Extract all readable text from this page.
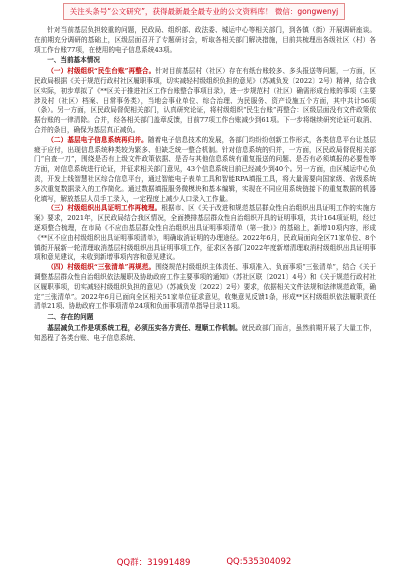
关注头条号“公文研究”，获得最新最全最专业的公文资料库！ 微信：gongwenyj

针对当前基层负担较重的问题，民政局、组织部、政法委、城运中心等相关部门，到各镇（街）开展调研座谈。在前期充分调研的基础上，区级层面召开了专题研讨会，听取各相关部门解决措施，目前共梳理出各级社区（村）各项工作台账77项，在使用的电子信息系统43项。

一、当前基本情况

（一）村级组织“民生台账”再整合。针对目前基层村（社区）存在有纸台账较多、多头报送等问题，一方面，区民政局根据《关于规范行政村社区履职事项，切实减轻村级组织负担的意见》（苏减负发〔2022〕2号）精神，结合我区实际，初步草拟了《**区关于推进社区工作台账整合事项目录》，进一步规范村（社区）确需形成台账的事项（主要涉及村（社区）档案、日常事务类），当地会事业单位、综合治理、为民服务、资产设施五个方面，其中共计56项（条）。另一方面，区民政局督促相关部门，认真研究论证，将村级组织“民生台账”再整合：区级层面没有文件政策依据台账的一律清除。合并，经各相关部门盖章反馈，目前77项工作台账减少到61项。下一步将继续研究论证可取消、合并的条目，确保为基层真正减负。

（二）基层电子信息系统再归并。随着电子信息技术的发展，各部门均纷纷创新工作形式，各类信息平台让基层疲于应付，出现信息系统种类较为繁多、但缺乏统一整合机制。针对信息系统的归并，一方面，区民政局督促相关部门“自查一刀”，围绕是否有上级文件政策依据、是否与其他信息系统有重复报送的问题、是否有必须填报的必要性等方面，对信息系统进行论证，并征求相关部门意见，43个信息系统目前已经减少到40个。另一方面，由区城运中心负责，开发上线智慧社区综合信息平台，通过智能电子表单工具和智能RPA填报工具，将大量需要向国家级、省级系统多次重复数据录入的工作简化。通过数据填报服务微模块和基本编辑，实现在不同应用系统链接下的重复数据的机器化填写，解放基层人员手工录入，一定程度上减少人口录入工作量。

（三）村级组织出具证明工作再梳理。根据市、区《关于改进和规范基层群众性自治组织出具证明工作的实施方案》要求，2021年，区民政局结合我区情况，全面摸排基层群众性自治组织开具的证明事项，共计164项证明，经过逐项整合梳理，在市局《不应由基层群众性自治组织出具证明事项清单（第一批）》的基础上，新增10项内容，形成《**区不应由村级组织出具证明事项清单》，明确取消证明的办理途径。2022年6月，民政局面向全区71家单位、8个镇街开展新一轮清理取消基层村级组织出具证明事项工作，征求区各部门2022年度新增清理取消村级组织出具证明事项和意见建议，未收到新增事项内容和意见建议。

（四）村级组织“三张清单”再规范。围绕规范村级组织主体责任、事项准入、负面事项“三张清单”，结合《关于调整基层群众性自治组织依法履职及协助政府工作主要事项的通知》（苏社区联〔2021〕4号）和《关于规范行政村社区履职事项，切实减轻村级组织负担的意见》（苏减负发〔2022〕2号）要求，依据相关文件法规和法律规范政策，确定“三张清单”。2022年6月已面向全区相关51家单位征求意见，收集意见反馈1条，形成**区村级组织依法履职责任清单21项、协助政府工作事项清单24项和负面事项清单指导目录11项。

二、存在的问题

基层减负工作是项系统工程，必须压实各方责任、理顺工作机制。就民政部门而言，虽然前期开展了大量工作，知悉程了各类台账、电子信息系统、

QQ群：31991489	QQ:535304092
